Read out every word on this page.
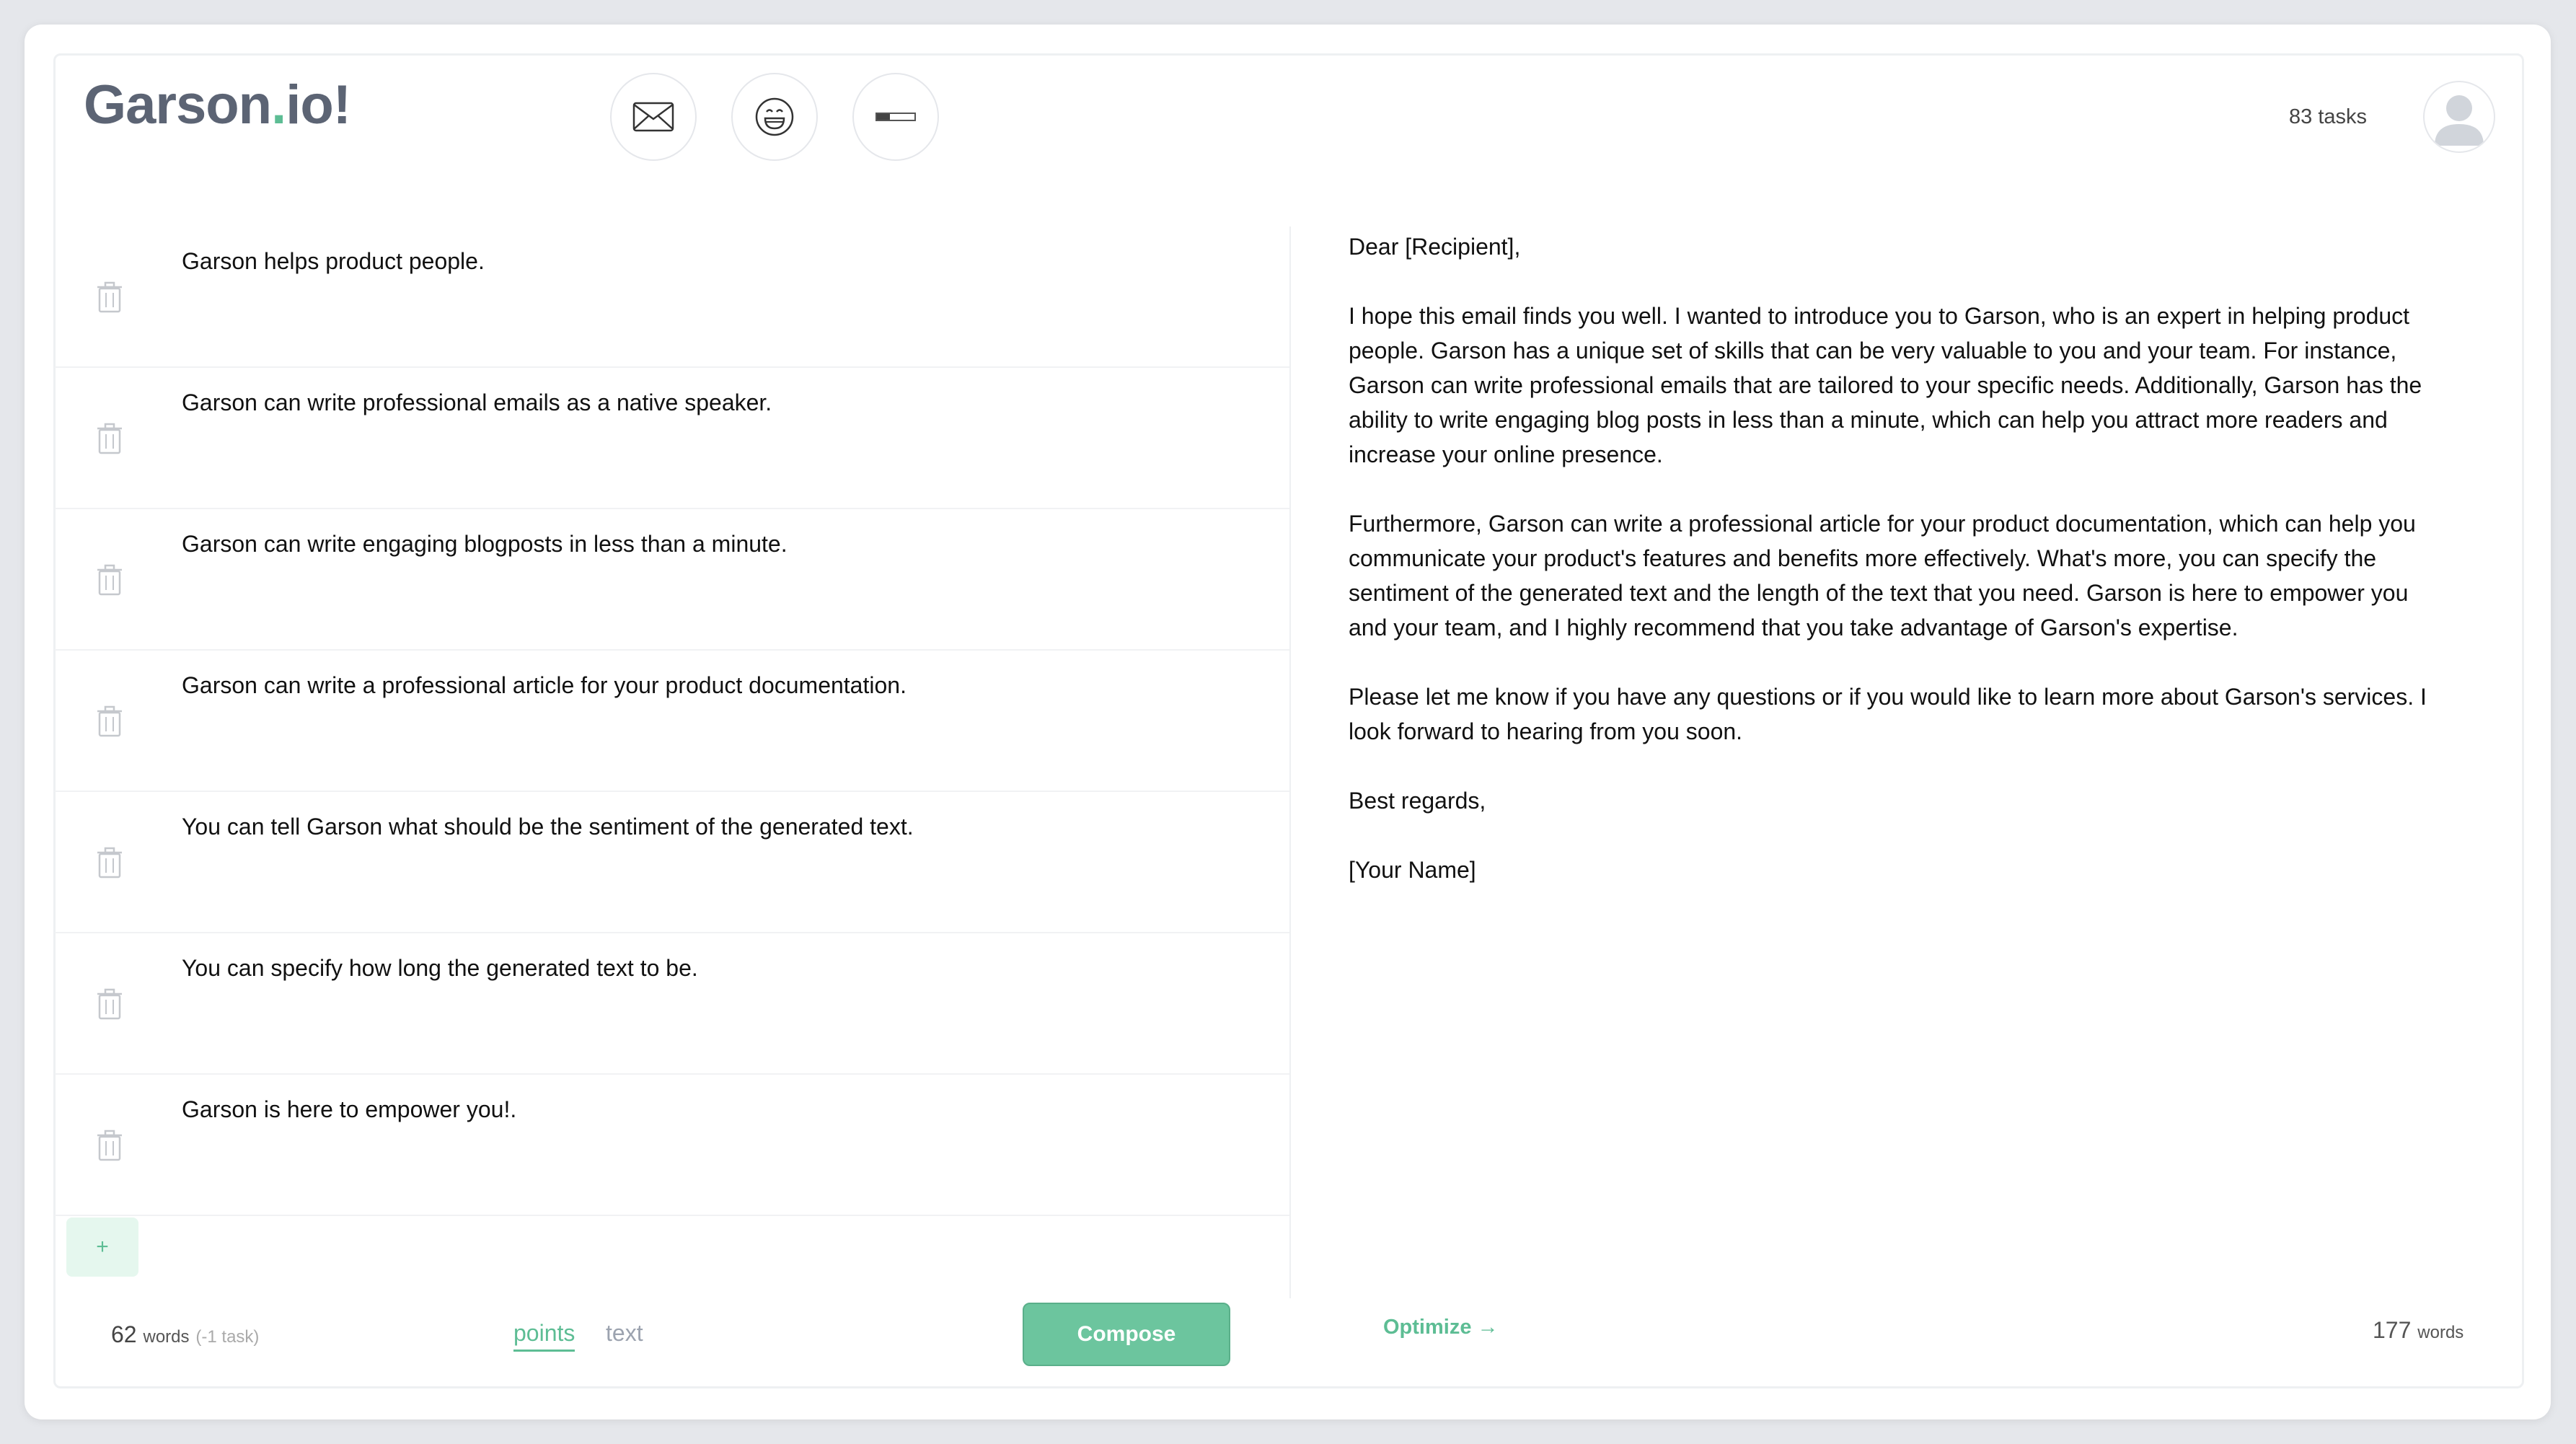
Garson.io!	83 tasks
Garson helps product people.
Garson can write professional emails as a native speaker.
Garson can write engaging blogposts in less than a minute.
Garson can write a professional article for your product documentation.
You can tell Garson what should be the sentiment of the generated text.
You can specify how long the generated text to be.
Garson is here to empower you!.
+
62 words (-1 task)	points text	Compose

Dear [Recipient],

I hope this email finds you well. I wanted to introduce you to Garson, who is an expert in helping product people. Garson has a unique set of skills that can be very valuable to you and your team. For instance, Garson can write professional emails that are tailored to your specific needs. Additionally, Garson has the ability to write engaging blog posts in less than a minute, which can help you attract more readers and increase your online presence.

Furthermore, Garson can write a professional article for your product documentation, which can help you communicate your product's features and benefits more effectively. What's more, you can specify the sentiment of the generated text and the length of the text that you need. Garson is here to empower you and your team, and I highly recommend that you take advantage of Garson's expertise.

Please let me know if you have any questions or if you would like to learn more about Garson's services. I look forward to hearing from you soon.

Best regards,

[Your Name]

Optimize →	177 words
